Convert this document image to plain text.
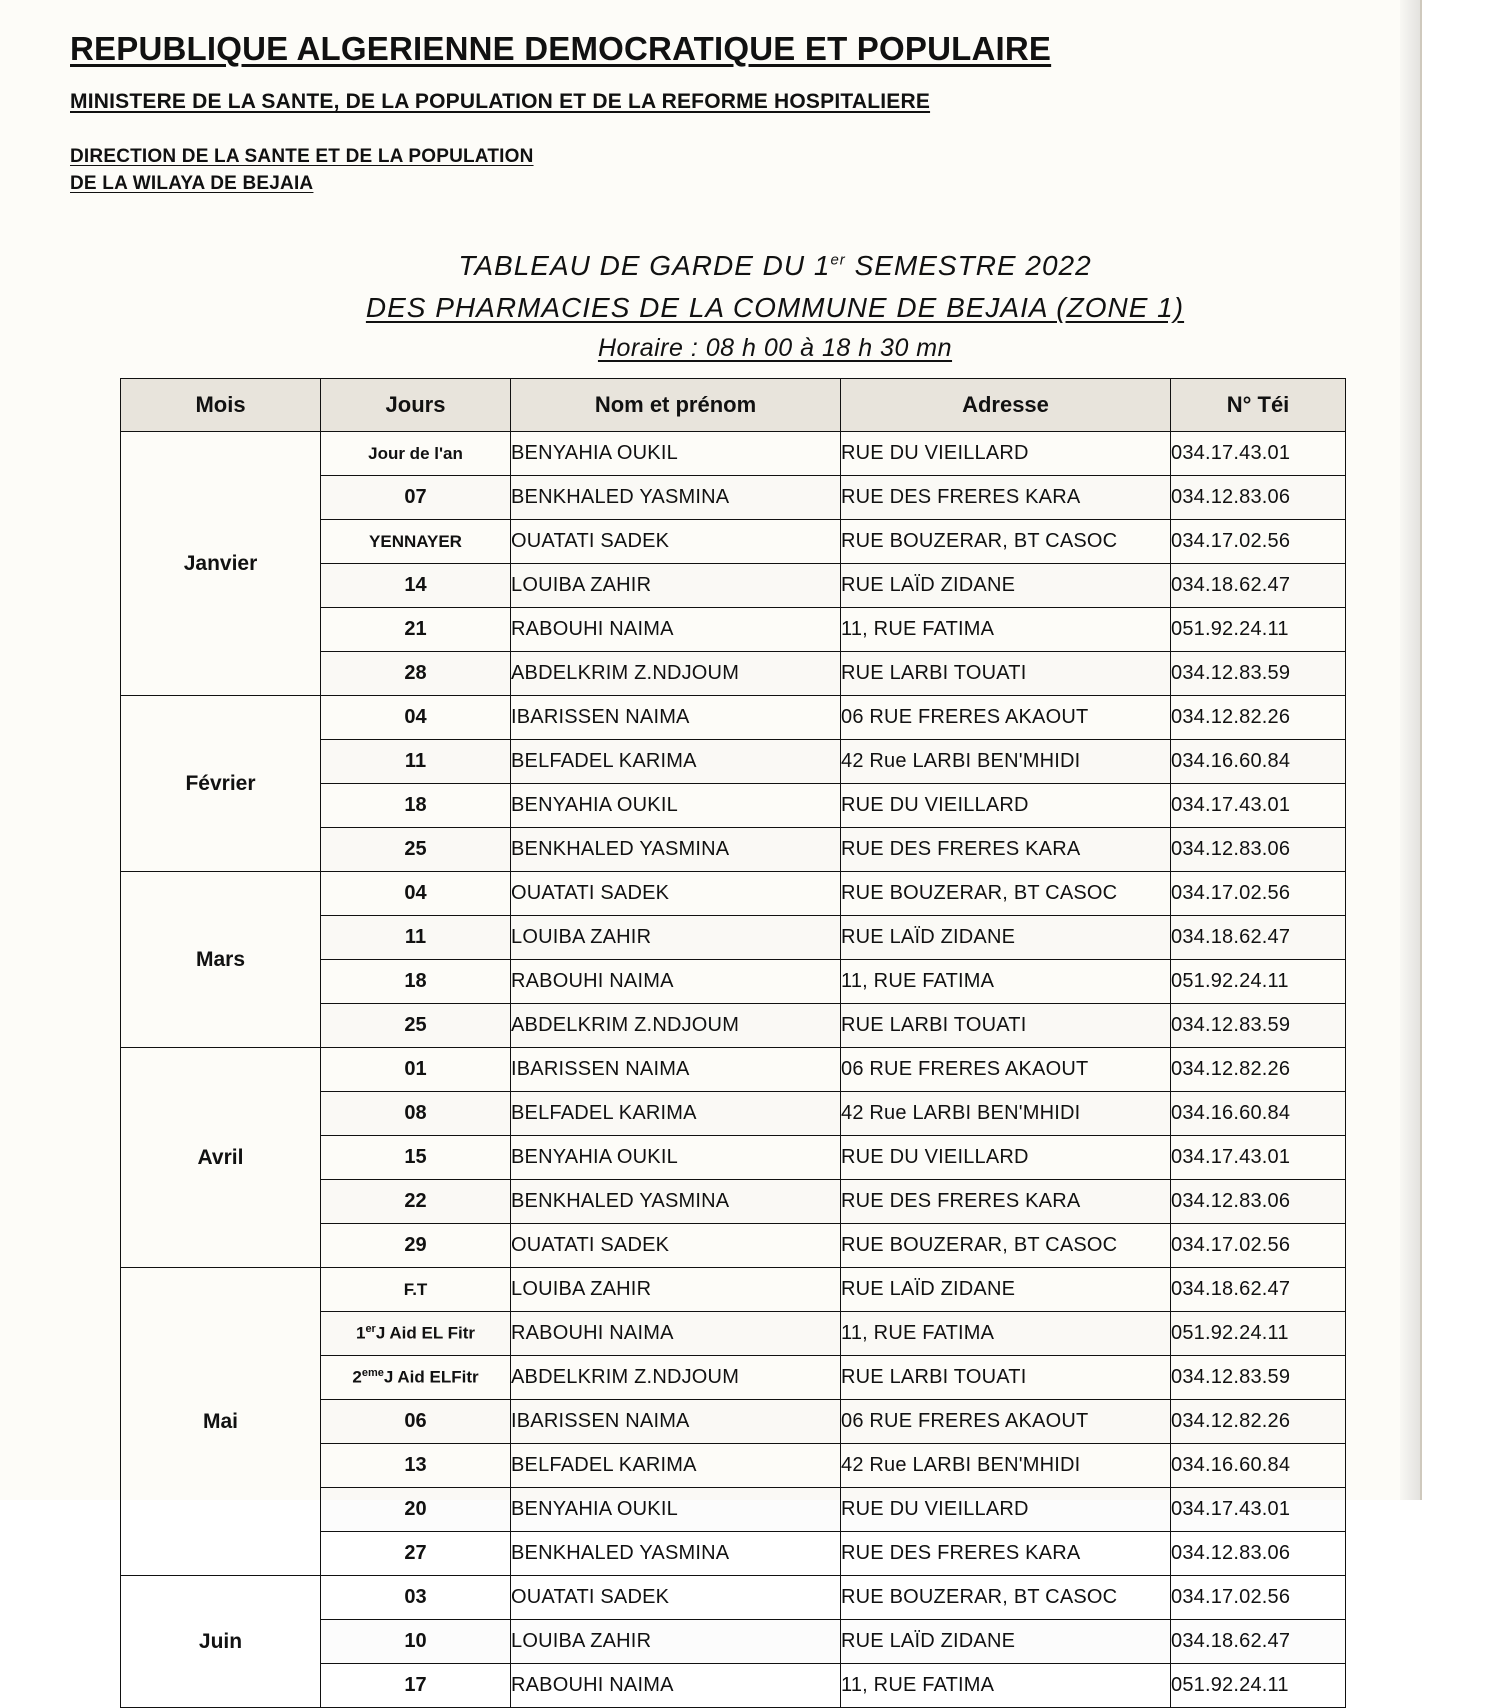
REPUBLIQUE ALGERIENNE DEMOCRATIQUE ET POPULAIRE
MINISTERE DE LA SANTE, DE LA POPULATION ET DE LA REFORME HOSPITALIERE
DIRECTION DE LA SANTE ET DE LA POPULATION
DE LA WILAYA DE BEJAIA
TABLEAU DE GARDE DU 1er SEMESTRE 2022
DES PHARMACIES DE LA COMMUNE DE BEJAIA (ZONE 1)
Horaire : 08 h 00 à 18 h 30 mn
Mois	Jours	Nom et prénom	Adresse	N° Téi
Janvier	Jour de l'an	BENYAHIA OUKIL	RUE DU VIEILLARD	034.17.43.01
	07	BENKHALED YASMINA	RUE DES FRERES KARA	034.12.83.06
	YENNAYER	OUATATI SADEK	RUE BOUZERAR, BT CASOC	034.17.02.56
	14	LOUIBA ZAHIR	RUE LAÏD ZIDANE	034.18.62.47
	21	RABOUHI NAIMA	11, RUE FATIMA	051.92.24.11
	28	ABDELKRIM Z.NDJOUM	RUE LARBI TOUATI	034.12.83.59
Février	04	IBARISSEN NAIMA	06 RUE FRERES AKAOUT	034.12.82.26
	11	BELFADEL KARIMA	42 Rue LARBI BEN'MHIDI	034.16.60.84
	18	BENYAHIA OUKIL	RUE DU VIEILLARD	034.17.43.01
	25	BENKHALED YASMINA	RUE DES FRERES KARA	034.12.83.06
Mars	04	OUATATI SADEK	RUE BOUZERAR, BT CASOC	034.17.02.56
	11	LOUIBA ZAHIR	RUE LAÏD ZIDANE	034.18.62.47
	18	RABOUHI NAIMA	11, RUE FATIMA	051.92.24.11
	25	ABDELKRIM Z.NDJOUM	RUE LARBI TOUATI	034.12.83.59
Avril	01	IBARISSEN NAIMA	06 RUE FRERES AKAOUT	034.12.82.26
	08	BELFADEL KARIMA	42 Rue LARBI BEN'MHIDI	034.16.60.84
	15	BENYAHIA OUKIL	RUE DU VIEILLARD	034.17.43.01
	22	BENKHALED YASMINA	RUE DES FRERES KARA	034.12.83.06
	29	OUATATI SADEK	RUE BOUZERAR, BT CASOC	034.17.02.56
Mai	F.T	LOUIBA ZAHIR	RUE LAÏD ZIDANE	034.18.62.47
	1erJ Aid EL Fitr	RABOUHI NAIMA	11, RUE FATIMA	051.92.24.11
	2emeJ Aid ELFitr	ABDELKRIM Z.NDJOUM	RUE LARBI TOUATI	034.12.83.59
	06	IBARISSEN NAIMA	06 RUE FRERES AKAOUT	034.12.82.26
	13	BELFADEL KARIMA	42 Rue LARBI BEN'MHIDI	034.16.60.84
	20	BENYAHIA OUKIL	RUE DU VIEILLARD	034.17.43.01
	27	BENKHALED YASMINA	RUE DES FRERES KARA	034.12.83.06
Juin	03	OUATATI SADEK	RUE BOUZERAR, BT CASOC	034.17.02.56
	10	LOUIBA ZAHIR	RUE LAÏD ZIDANE	034.18.62.47
	17	RABOUHI NAIMA	11, RUE FATIMA	051.92.24.11
